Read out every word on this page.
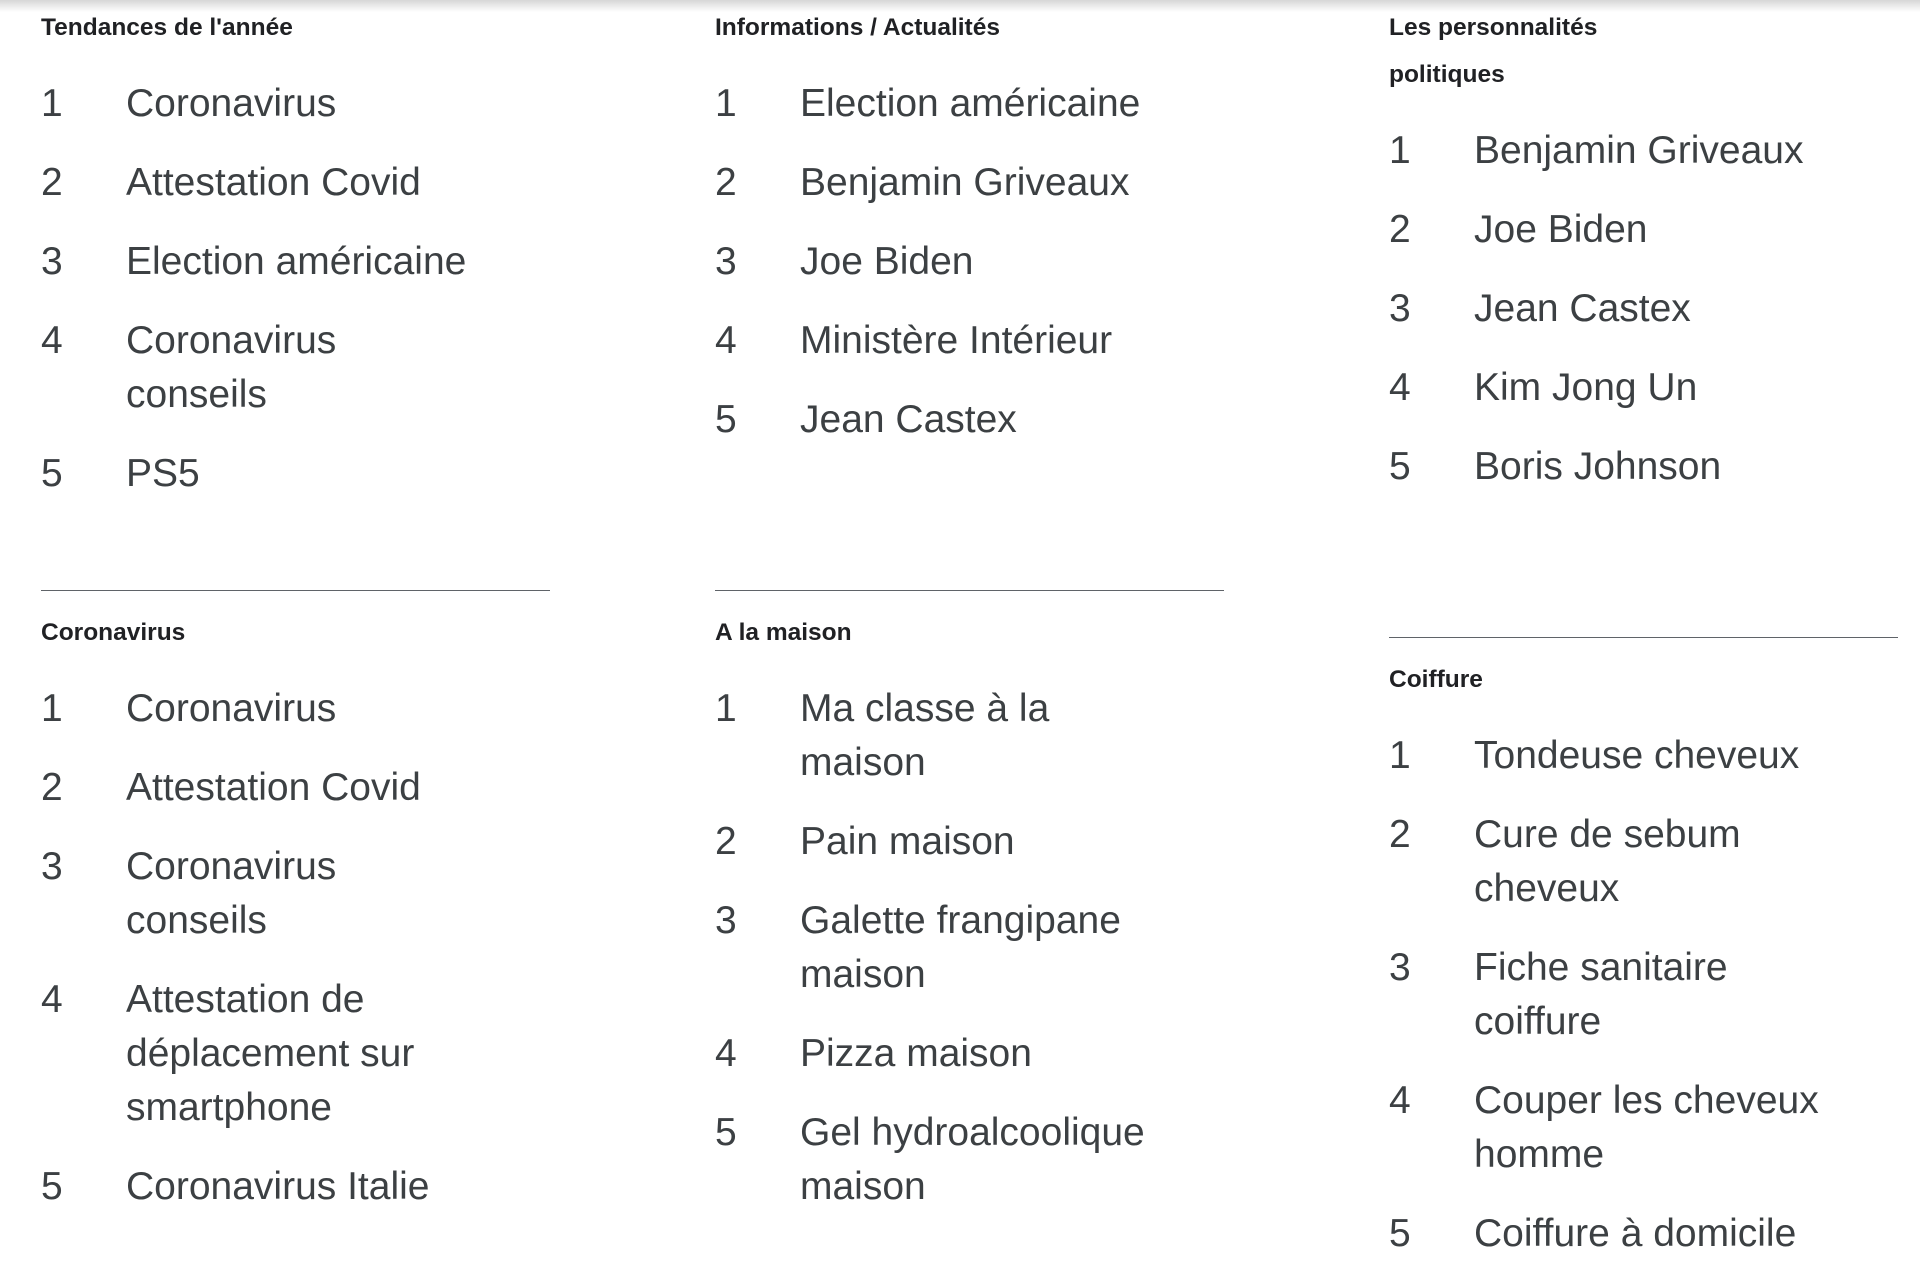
Tendances de l'année
1	Coronavirus
2	Attestation Covid
3	Election américaine
4	Coronavirus conseils
5	PS5
Informations / Actualités
1	Election américaine
2	Benjamin Griveaux
3	Joe Biden
4	Ministère Intérieur
5	Jean Castex
Les personnalités politiques
1	Benjamin Griveaux
2	Joe Biden
3	Jean Castex
4	Kim Jong Un
5	Boris Johnson
Coronavirus
1	Coronavirus
2	Attestation Covid
3	Coronavirus conseils
4	Attestation de déplacement sur smartphone
5	Coronavirus Italie
A la maison
1	Ma classe à la maison
2	Pain maison
3	Galette frangipane maison
4	Pizza maison
5	Gel hydroalcoolique maison
Coiffure
1	Tondeuse cheveux
2	Cure de sebum cheveux
3	Fiche sanitaire coiffure
4	Couper les cheveux homme
5	Coiffure à domicile
